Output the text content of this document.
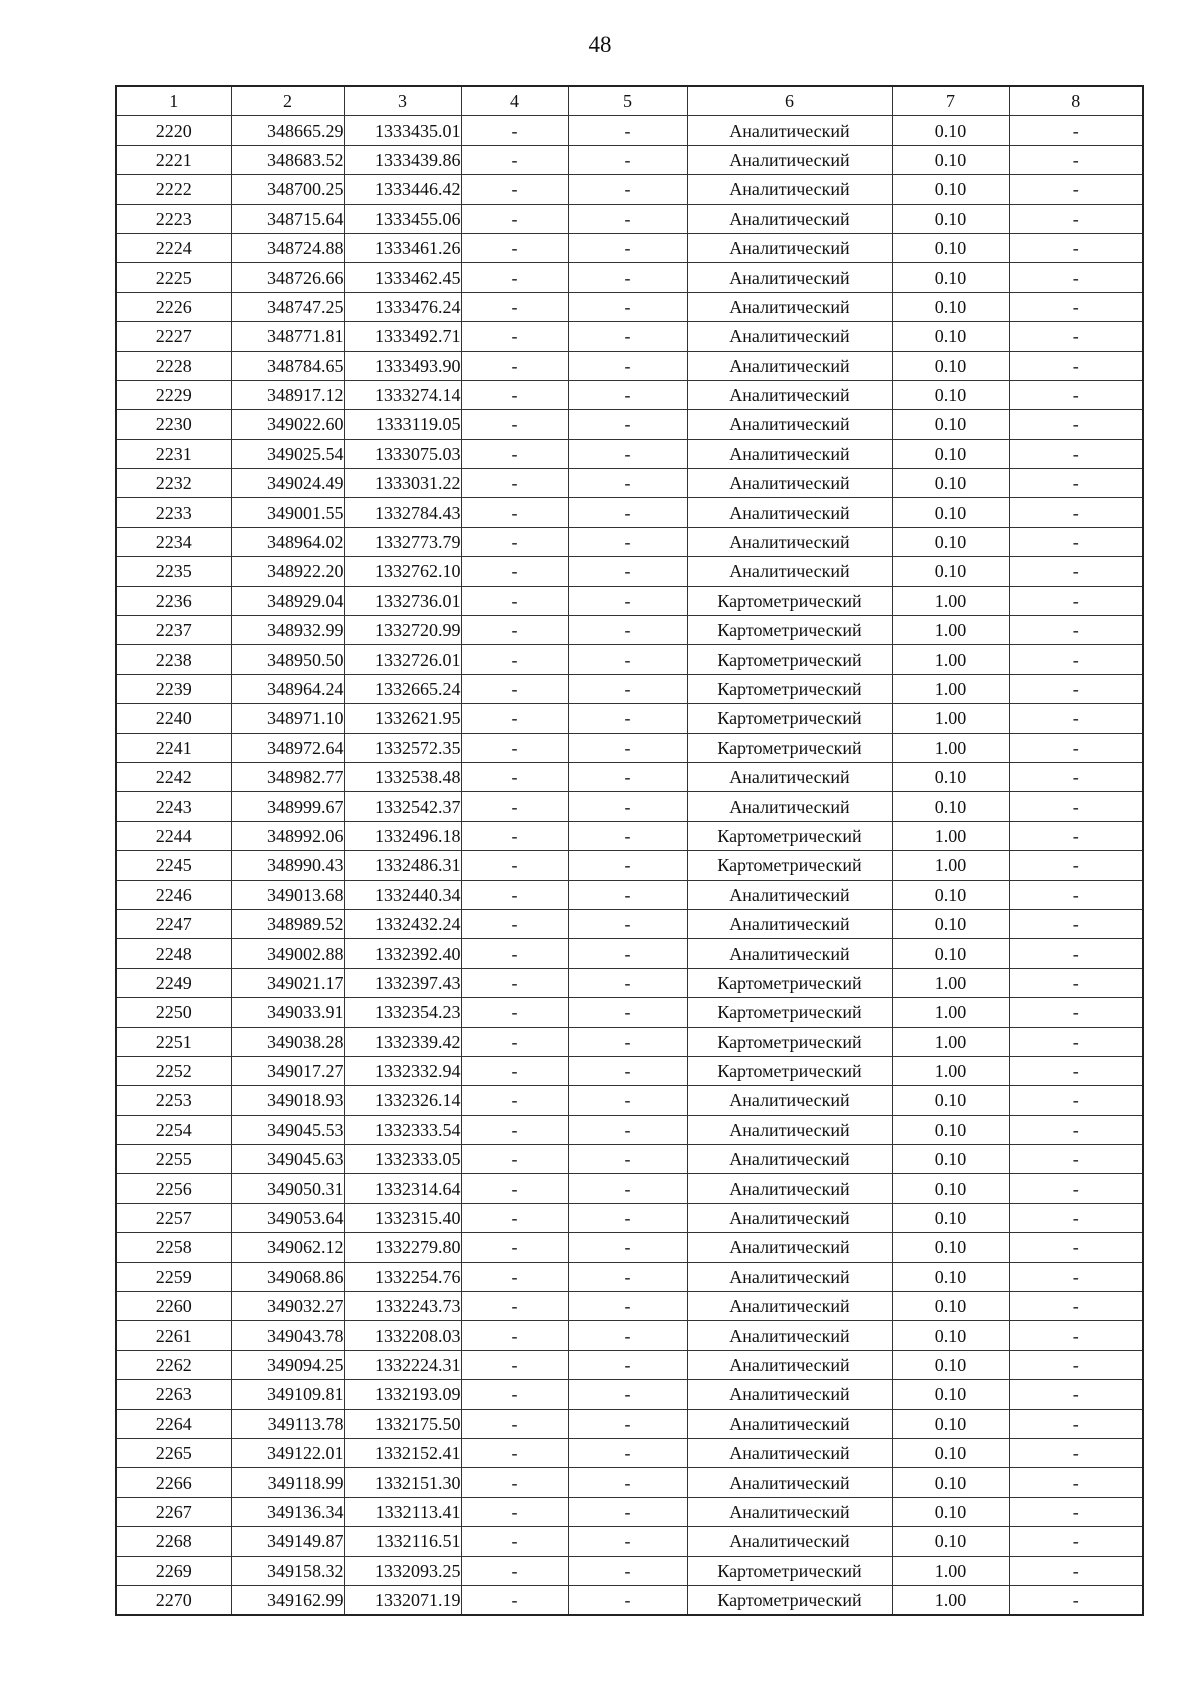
48
1	2	3	4	5	6	7	8
2220	348665.29	1333435.01	-	-	Аналитический	0.10	-
2221	348683.52	1333439.86	-	-	Аналитический	0.10	-
2222	348700.25	1333446.42	-	-	Аналитический	0.10	-
2223	348715.64	1333455.06	-	-	Аналитический	0.10	-
2224	348724.88	1333461.26	-	-	Аналитический	0.10	-
2225	348726.66	1333462.45	-	-	Аналитический	0.10	-
2226	348747.25	1333476.24	-	-	Аналитический	0.10	-
2227	348771.81	1333492.71	-	-	Аналитический	0.10	-
2228	348784.65	1333493.90	-	-	Аналитический	0.10	-
2229	348917.12	1333274.14	-	-	Аналитический	0.10	-
2230	349022.60	1333119.05	-	-	Аналитический	0.10	-
2231	349025.54	1333075.03	-	-	Аналитический	0.10	-
2232	349024.49	1333031.22	-	-	Аналитический	0.10	-
2233	349001.55	1332784.43	-	-	Аналитический	0.10	-
2234	348964.02	1332773.79	-	-	Аналитический	0.10	-
2235	348922.20	1332762.10	-	-	Аналитический	0.10	-
2236	348929.04	1332736.01	-	-	Картометрический	1.00	-
2237	348932.99	1332720.99	-	-	Картометрический	1.00	-
2238	348950.50	1332726.01	-	-	Картометрический	1.00	-
2239	348964.24	1332665.24	-	-	Картометрический	1.00	-
2240	348971.10	1332621.95	-	-	Картометрический	1.00	-
2241	348972.64	1332572.35	-	-	Картометрический	1.00	-
2242	348982.77	1332538.48	-	-	Аналитический	0.10	-
2243	348999.67	1332542.37	-	-	Аналитический	0.10	-
2244	348992.06	1332496.18	-	-	Картометрический	1.00	-
2245	348990.43	1332486.31	-	-	Картометрический	1.00	-
2246	349013.68	1332440.34	-	-	Аналитический	0.10	-
2247	348989.52	1332432.24	-	-	Аналитический	0.10	-
2248	349002.88	1332392.40	-	-	Аналитический	0.10	-
2249	349021.17	1332397.43	-	-	Картометрический	1.00	-
2250	349033.91	1332354.23	-	-	Картометрический	1.00	-
2251	349038.28	1332339.42	-	-	Картометрический	1.00	-
2252	349017.27	1332332.94	-	-	Картометрический	1.00	-
2253	349018.93	1332326.14	-	-	Аналитический	0.10	-
2254	349045.53	1332333.54	-	-	Аналитический	0.10	-
2255	349045.63	1332333.05	-	-	Аналитический	0.10	-
2256	349050.31	1332314.64	-	-	Аналитический	0.10	-
2257	349053.64	1332315.40	-	-	Аналитический	0.10	-
2258	349062.12	1332279.80	-	-	Аналитический	0.10	-
2259	349068.86	1332254.76	-	-	Аналитический	0.10	-
2260	349032.27	1332243.73	-	-	Аналитический	0.10	-
2261	349043.78	1332208.03	-	-	Аналитический	0.10	-
2262	349094.25	1332224.31	-	-	Аналитический	0.10	-
2263	349109.81	1332193.09	-	-	Аналитический	0.10	-
2264	349113.78	1332175.50	-	-	Аналитический	0.10	-
2265	349122.01	1332152.41	-	-	Аналитический	0.10	-
2266	349118.99	1332151.30	-	-	Аналитический	0.10	-
2267	349136.34	1332113.41	-	-	Аналитический	0.10	-
2268	349149.87	1332116.51	-	-	Аналитический	0.10	-
2269	349158.32	1332093.25	-	-	Картометрический	1.00	-
2270	349162.99	1332071.19	-	-	Картометрический	1.00	-
